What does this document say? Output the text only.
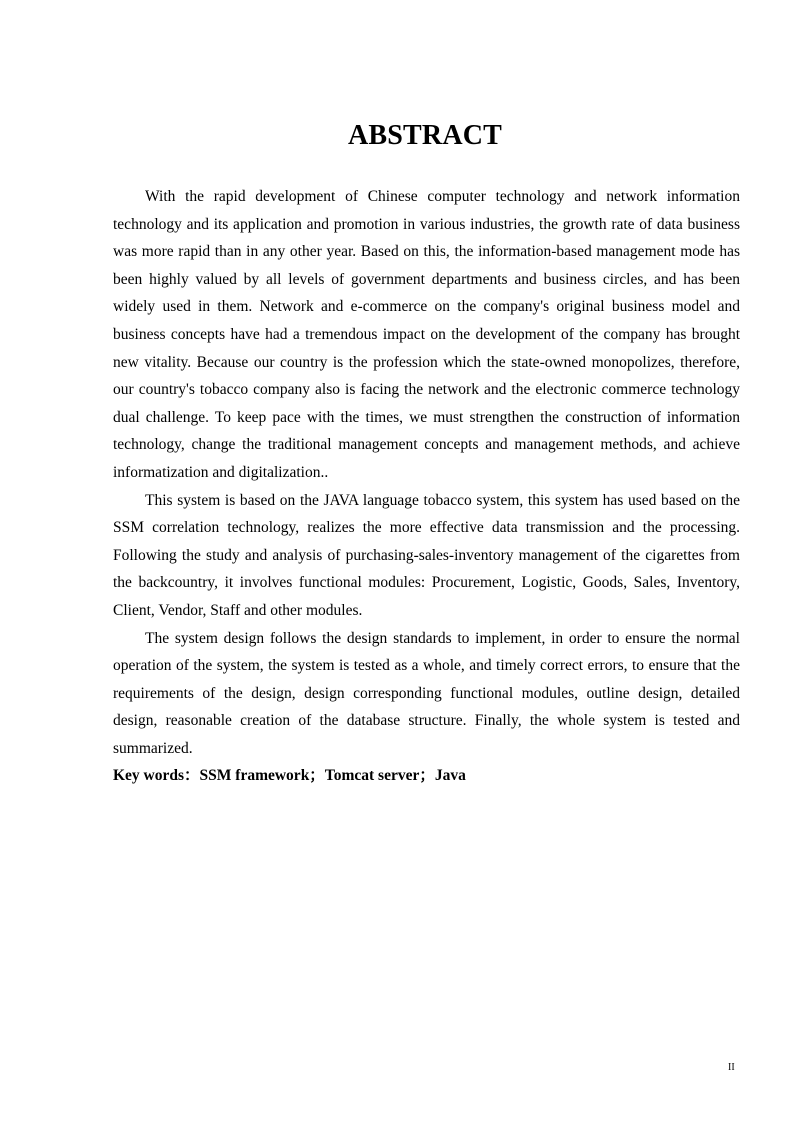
ABSTRACT

With the rapid development of Chinese computer technology and network information technology and its application and promotion in various industries, the growth rate of data business was more rapid than in any other year. Based on this, the information-based management mode has been highly valued by all levels of government departments and business circles, and has been widely used in them. Network and e-commerce on the company's original business model and business concepts have had a tremendous impact on the development of the company has brought new vitality. Because our country is the profession which the state-owned monopolizes, therefore, our country's tobacco company also is facing the network and the electronic commerce technology dual challenge. To keep pace with the times, we must strengthen the construction of information technology, change the traditional management concepts and management methods, and achieve informatization and digitalization..

This system is based on the JAVA language tobacco system, this system has used based on the SSM correlation technology, realizes the more effective data transmission and the processing. Following the study and analysis of purchasing-sales-inventory management of the cigarettes from the backcountry, it involves functional modules: Procurement, Logistic, Goods, Sales, Inventory, Client, Vendor, Staff and other modules.

The system design follows the design standards to implement, in order to ensure the normal operation of the system, the system is tested as a whole, and timely correct errors, to ensure that the requirements of the design, design corresponding functional modules, outline design, detailed design, reasonable creation of the database structure. Finally, the whole system is tested and summarized.

Key words：SSM framework；Tomcat server；Java

II
